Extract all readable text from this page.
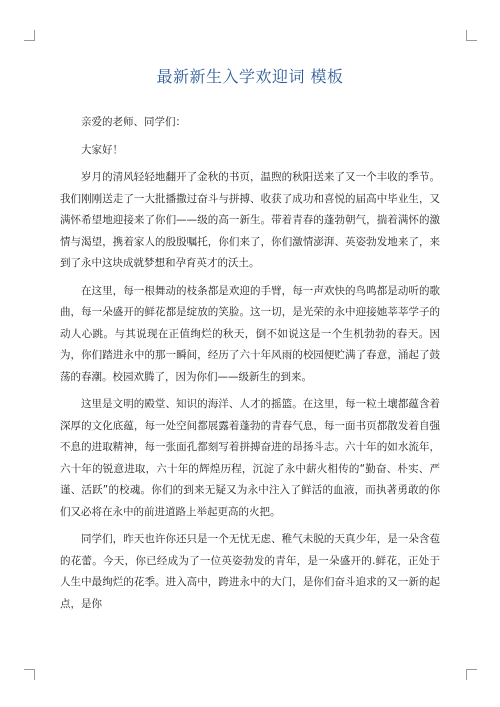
最新新生入学欢迎词 模板

亲爱的老师、同学们：

大家好！

岁月的清风轻轻地翻开了金秋的书页，温煦的秋阳送来了又一个丰收的季节。我们刚刚送走了一大批播撒过奋斗与拼搏、收获了成功和喜悦的届高中毕业生，又满怀希望地迎接来了你们——级的高一新生。带着青春的蓬勃朝气，揣着满怀的激情与渴望，携着家人的殷殷嘱托，你们来了，你们激情澎湃、英姿勃发地来了，来到了永中这块成就梦想和孕育英才的沃土。

在这里，每一根舞动的枝条都是欢迎的手臂，每一声欢快的鸟鸣都是动听的歌曲，每一朵盛开的鲜花都是绽放的笑脸。这一切，是光荣的永中迎接她莘莘学子的动人心跳。与其说现在正值绚烂的秋天，倒不如说这是一个生机勃勃的春天。因为，你们踏进永中的那一瞬间，经历了六十年风雨的校园便贮满了春意，涌起了鼓荡的春潮。校园欢腾了，因为你们——级新生的到来。

这里是文明的殿堂、知识的海洋、人才的摇篮。在这里，每一粒土壤都蕴含着深厚的文化底蕴，每一处空间都展露着蓬勃的青春气息，每一面书页都散发着自强不息的进取精神，每一张面孔都刻写着拼搏奋进的昂扬斗志。六十年的如水流年，六十年的锐意进取，六十年的辉煌历程，沉淀了永中薪火相传的“勤奋、朴实、严谨、活跃”的校魂。你们的到来无疑又为永中注入了鲜活的血液，而执著勇敢的你们又必将在永中的前进道路上举起更高的火把。

同学们，昨天也许你还只是一个无忧无虑、稚气未脱的天真少年，是一朵含苞的花蕾。今天，你已经成为了一位英姿勃发的青年，是一朵盛开的.鲜花，正处于人生中最绚烂的花季。进入高中，跨进永中的大门，是你们奋斗追求的又一新的起点，是你
